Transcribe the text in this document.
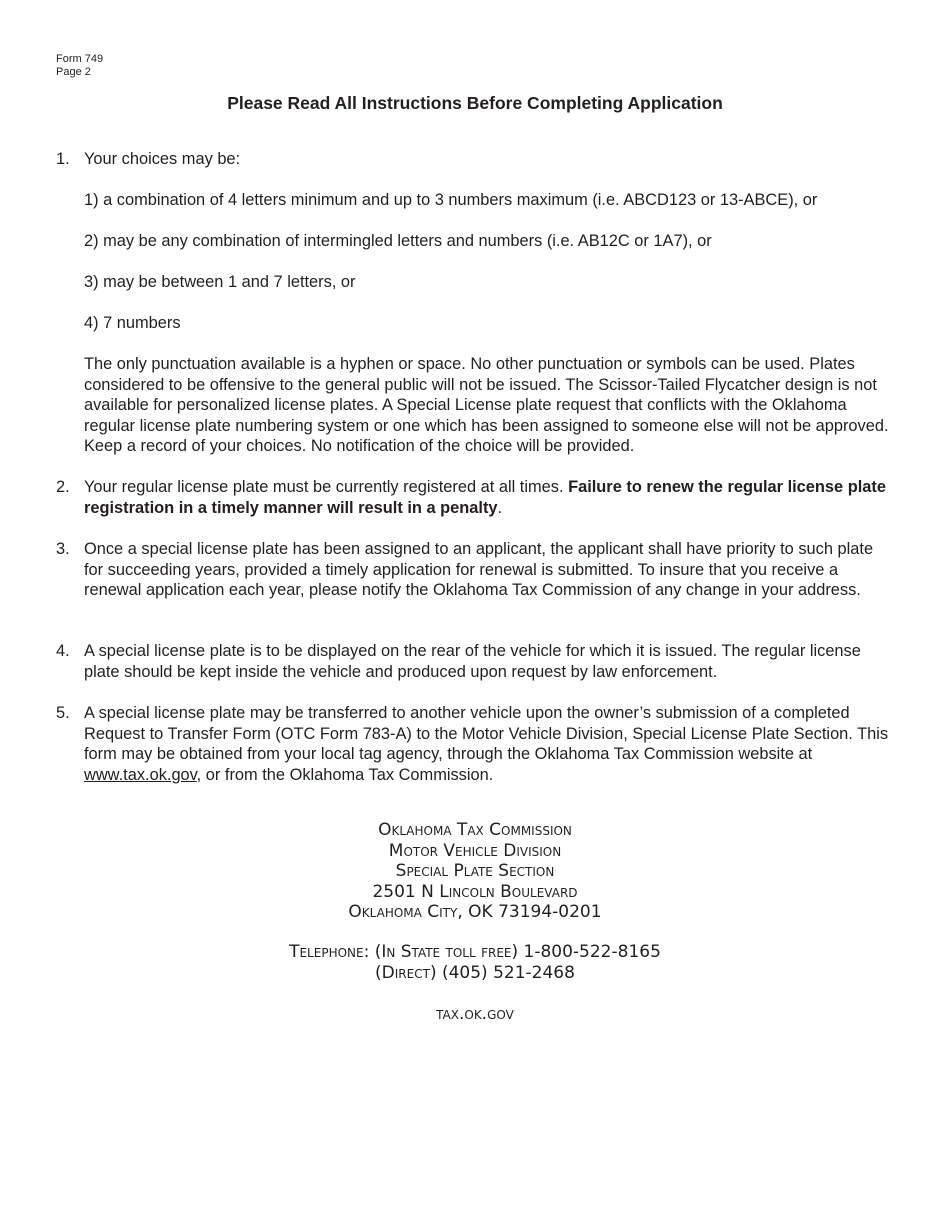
Form 749
Page 2
Please Read All Instructions Before Completing Application
1. Your choices may be:

1) a combination of 4 letters minimum and up to 3 numbers maximum (i.e. ABCD123 or 13-ABCE), or

2) may be any combination of intermingled letters and numbers (i.e. AB12C or 1A7), or

3) may be between 1 and 7 letters, or

4) 7 numbers

The only punctuation available is a hyphen or space. No other punctuation or symbols can be used. Plates considered to be offensive to the general public will not be issued. The Scissor-Tailed Flycatcher design is not available for personalized license plates. A Special License plate request that conflicts with the Oklahoma regular license plate numbering system or one which has been assigned to someone else will not be approved. Keep a record of your choices. No notification of the choice will be provided.

2. Your regular license plate must be currently registered at all times. Failure to renew the regular license plate registration in a timely manner will result in a penalty.

3. Once a special license plate has been assigned to an applicant, the applicant shall have priority to such plate for succeeding years, provided a timely application for renewal is submitted. To insure that you receive a renewal application each year, please notify the Oklahoma Tax Commission of any change in your address.

4. A special license plate is to be displayed on the rear of the vehicle for which it is issued. The regular license plate should be kept inside the vehicle and produced upon request by law enforcement.

5. A special license plate may be transferred to another vehicle upon the owner’s submission of a completed Request to Transfer Form (OTC Form 783-A) to the Motor Vehicle Division, Special License Plate Section. This form may be obtained from your local tag agency, through the Oklahoma Tax Commission website at www.tax.ok.gov, or from the Oklahoma Tax Commission.

Oklahoma Tax Commission
Motor Vehicle Division
Special Plate Section
2501 N Lincoln Boulevard
Oklahoma City, OK 73194-0201
Telephone: (In State toll free) 1-800-522-8165
(Direct) (405) 521-2468
tax.ok.gov
